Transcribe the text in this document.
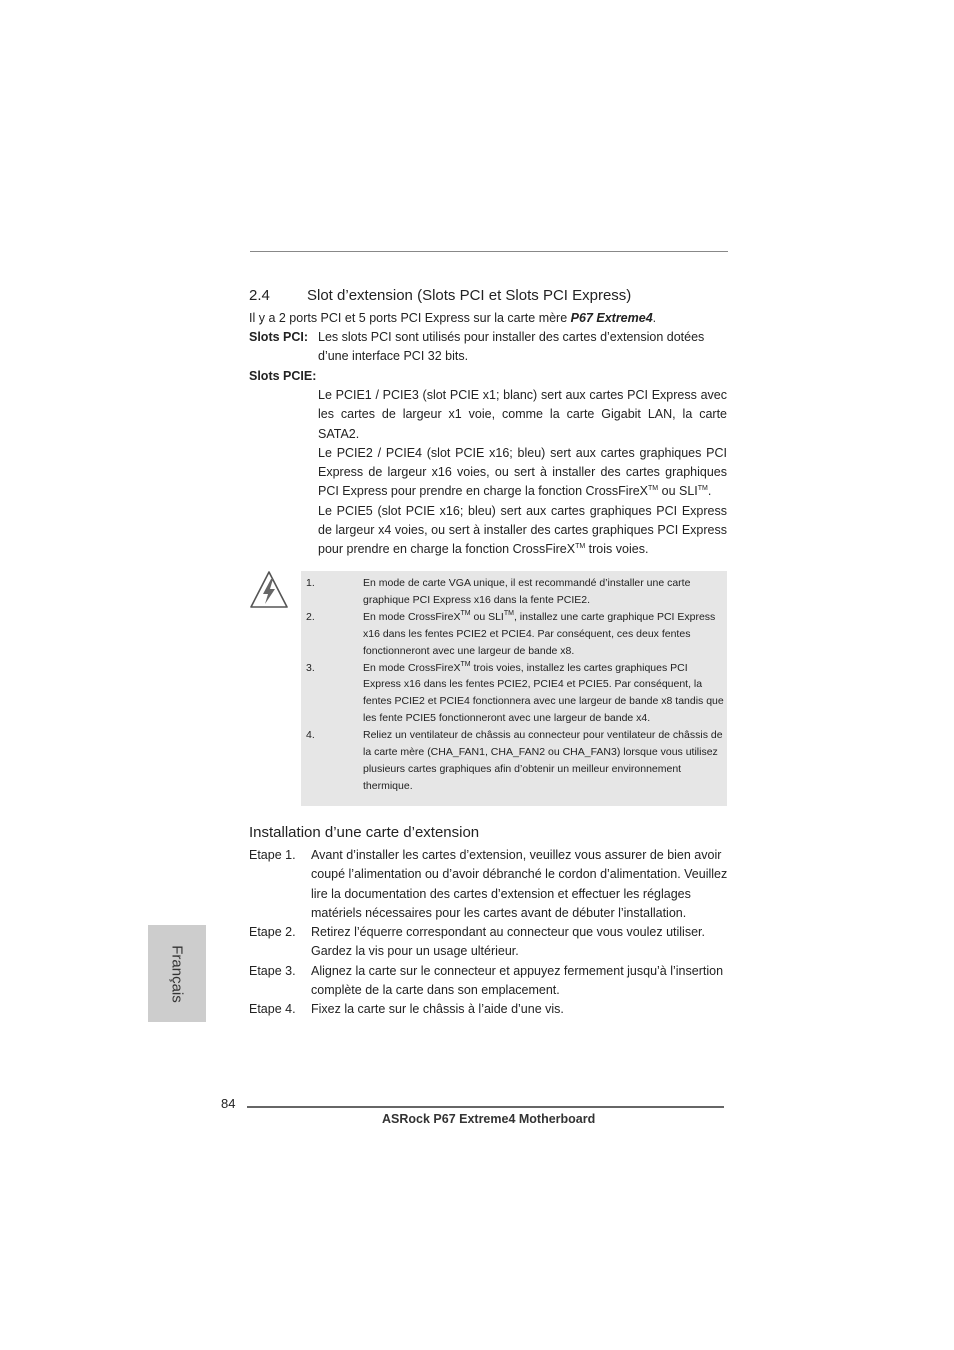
2.4 Slot d’extension (Slots PCI et Slots PCI Express)
Il y a 2 ports PCI et 5 ports PCI Express sur la carte mère P67 Extreme4.
Slots PCI: Les slots PCI sont utilisés pour installer des cartes d’extension dotées d’une interface PCI 32 bits.
Slots PCIE:

Le PCIE1 / PCIE3 (slot PCIE x1; blanc) sert aux cartes PCI Express avec les cartes de largeur x1 voie, comme la carte Gigabit LAN, la carte SATA2.

Le PCIE2 / PCIE4 (slot PCIE x16; bleu) sert aux cartes graphiques PCI Express de largeur x16 voies, ou sert à installer des cartes graphiques PCI Express pour prendre en charge la fonction CrossFireX™ ou SLI™.

Le PCIE5 (slot PCIE x16; bleu) sert aux cartes graphiques PCI Express de largeur x4 voies, ou sert à installer des cartes graphiques PCI Express pour prendre en charge la fonction CrossFireX™ trois voies.

1.	En mode de carte VGA unique, il est recommandé d’installer une carte graphique PCI Express x16 dans la fente PCIE2.
2.	En mode CrossFireX™ ou SLI™, installez une carte graphique PCI Express x16 dans les fentes PCIE2 et PCIE4. Par conséquent, ces deux fentes fonctionneront avec une largeur de bande x8.
3.	En mode CrossFireX™ trois voies, installez les cartes graphiques PCI Express x16 dans les fentes PCIE2, PCIE4 et PCIE5. Par conséquent, la fentes PCIE2 et PCIE4 fonctionnera avec une largeur de bande x8 tandis que les fente PCIE5 fonctionneront avec une largeur de bande x4.
4.	Reliez un ventilateur de châssis au connecteur pour ventilateur de châssis de la carte mère (CHA_FAN1, CHA_FAN2 ou CHA_FAN3) lorsque vous utilisez plusieurs cartes graphiques afin d’obtenir un meilleur environnement thermique.
Installation d’une carte d’extension
Etape 1. Avant d’installer les cartes d’extension, veuillez vous assurer de bien avoir coupé l’alimentation ou d’avoir débranché le cordon d’alimentation. Veuillez lire la documentation des cartes d’extension et effectuer les réglages matériels nécessaires pour les cartes avant de débuter l’installation.
Etape 2. Retirez l’équerre correspondant au connecteur que vous voulez utiliser. Gardez la vis pour un usage ultérieur.
Etape 3. Alignez la carte sur le connecteur et appuyez fermement jusqu’à l’insertion complète de la carte dans son emplacement.
Etape 4. Fixez la carte sur le châssis à l’aide d’une vis.
Français
84
ASRock P67 Extreme4 Motherboard
